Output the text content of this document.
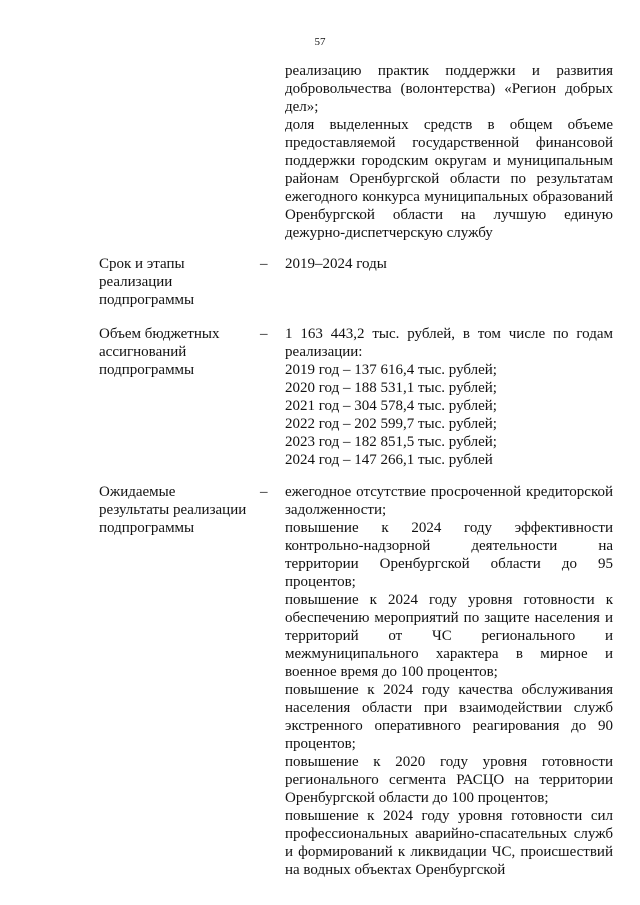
57

реализацию практик поддержки и развития добровольчества (волонтерства) «Регион добрых дел»;

доля выделенных средств в общем объеме предоставляемой государственной финансовой поддержки городским округам и муниципальным районам Оренбургской области по результатам ежегодного конкурса муниципальных образований Оренбургской области на лучшую единую дежурно-диспетчерскую службу

Срок и этапы
реализации
подпрограммы
–	2019–2024 годы

Объем бюджетных
ассигнований
подпрограммы
–	1 163 443,2 тыс. рублей, в том числе по годам реализации:

2019 год – 137 616,4 тыс. рублей;
2020 год – 188 531,1 тыс. рублей;
2021 год – 304 578,4 тыс. рублей;
2022 год – 202 599,7 тыс. рублей;
2023 год – 182 851,5 тыс. рублей;
2024 год – 147 266,1 тыс. рублей
Ожидаемые
результаты реализации
подпрограммы
–	ежегодное отсутствие просроченной кредиторской задолженности;

повышение к 2024 году эффективности контрольно-надзорной деятельности на территории Оренбургской области до 95 процентов;

повышение к 2024 году уровня готовности к обеспечению мероприятий по защите населения и территорий от ЧС регионального и межмуниципального характера в мирное и военное время до 100 процентов;

повышение к 2024 году качества обслуживания населения области при взаимодействии служб экстренного оперативного реагирования до 90 процентов;

повышение к 2020 году уровня готовности регионального сегмента РАСЦО на территории Оренбургской области до 100 процентов;

повышение к 2024 году уровня готовности сил профессиональных аварийно-спасательных служб и формирований к ликвидации ЧС, происшествий на водных объектах Оренбургской
